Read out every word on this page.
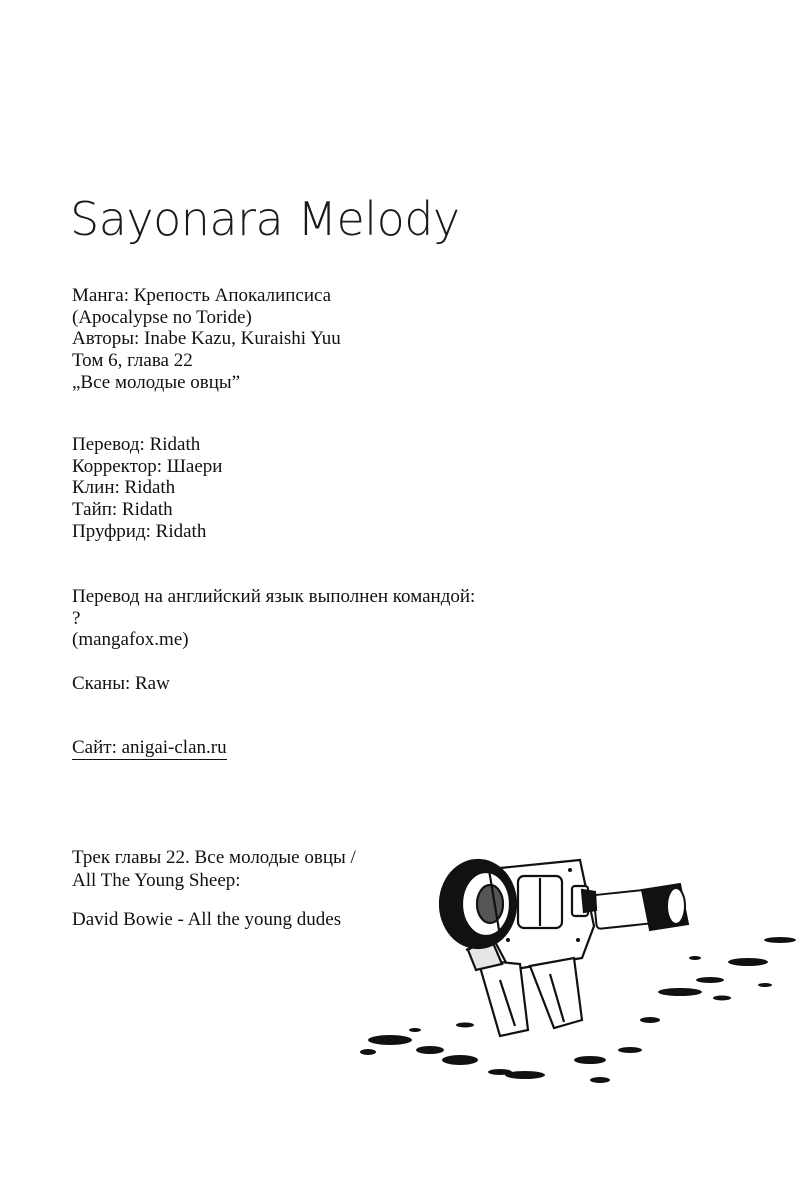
Sayonara Melody
Манга: Крепость Апокалипсиса
(Apocalypse no Toride)
Авторы: Inabe Kazu, Kuraishi Yuu
Том 6, глава 22
„Все молодые овцы”
Перевод: Ridath
Корректор: Шаери
Клин: Ridath
Тайп: Ridath
Пруфрид: Ridath
Перевод на английский язык выполнен командой:
?
(mangafox.me)
Сканы: Raw
Сайт: anigai-clan.ru
Трек главы 22. Все молодые овцы /
All The Young Sheep:
David Bowie - All the young dudes
